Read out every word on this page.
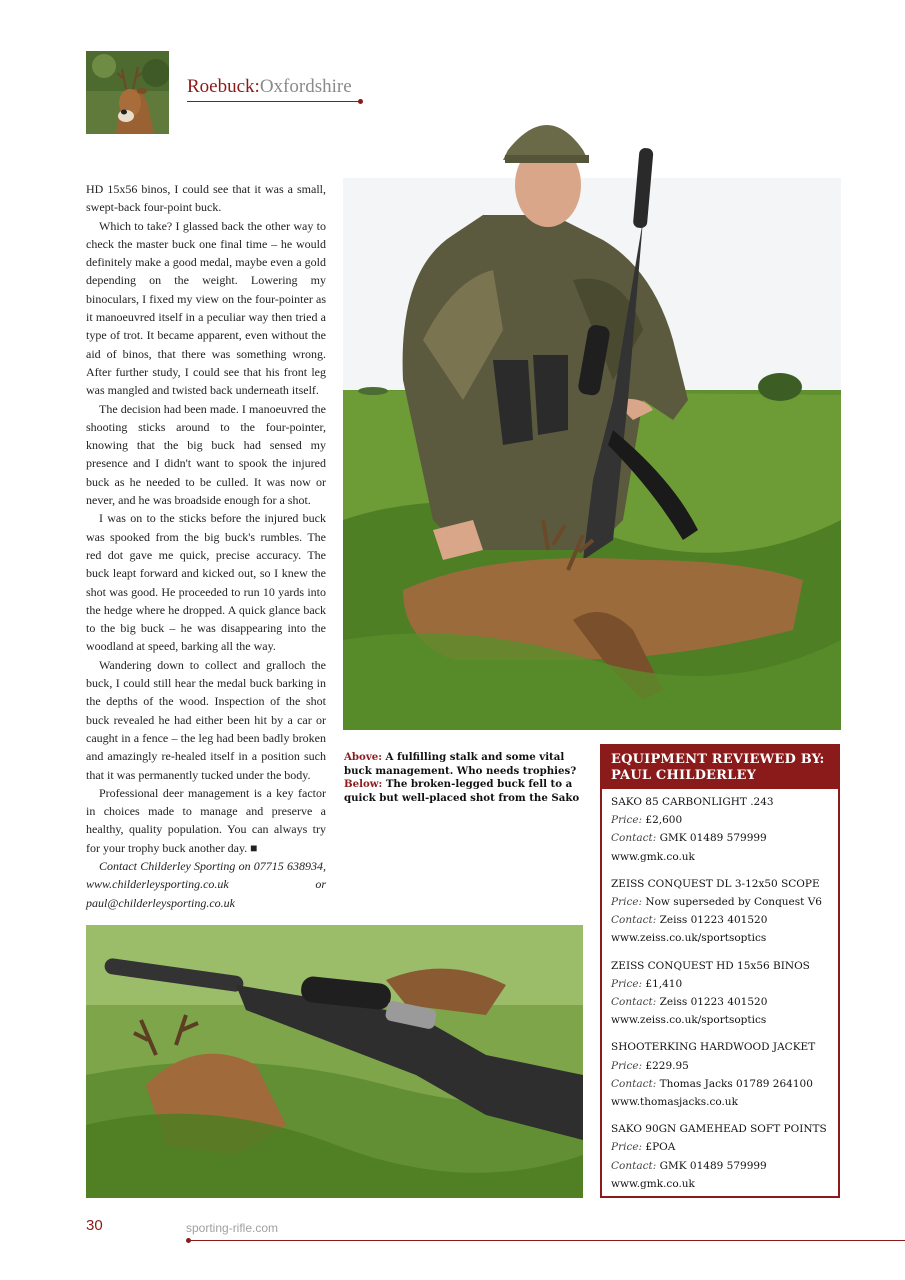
Roebuck:Oxfordshire

HD 15x56 binos, I could see that it was a small, swept-back four-point buck.

Which to take? I glassed back the other way to check the master buck one final time – he would definitely make a good medal, maybe even a gold depending on the weight. Lowering my binoculars, I fixed my view on the four-pointer as it manoeuvred itself in a peculiar way then tried a type of trot. It became apparent, even without the aid of binos, that there was something wrong. After further study, I could see that his front leg was mangled and twisted back underneath itself.

The decision had been made. I manoeuvred the shooting sticks around to the four-pointer, knowing that the big buck had sensed my presence and I didn't want to spook the injured buck as he needed to be culled. It was now or never, and he was broadside enough for a shot.

I was on to the sticks before the injured buck was spooked from the big buck's rumbles. The red dot gave me quick, precise accuracy. The buck leapt forward and kicked out, so I knew the shot was good. He proceeded to run 10 yards into the hedge where he dropped. A quick glance back to the big buck – he was disappearing into the woodland at speed, barking all the way.

Wandering down to collect and gralloch the buck, I could still hear the medal buck barking in the depths of the wood. Inspection of the shot buck revealed he had either been hit by a car or caught in a fence – the leg had been badly broken and amazingly re-healed itself in a position such that it was permanently tucked under the body.

Professional deer management is a key factor in choices made to manage and preserve a healthy, quality population. You can always try for your trophy buck another day. ■

Contact Childerley Sporting on 07715 638934, www.childerleysporting.co.uk or paul@childerleysporting.co.uk

Above: A fulfilling stalk and some vital buck management. Who needs trophies?
Below: The broken-legged buck fell to a quick but well-placed shot from the Sako
EQUIPMENT REVIEWED BY: PAUL CHILDERLEY
SAKO 85 CARBONLIGHT .243
Price: £2,600
Contact: GMK 01489 579999
www.gmk.co.uk
ZEISS CONQUEST DL 3-12x50 SCOPE
Price: Now superseded by Conquest V6
Contact: Zeiss 01223 401520
www.zeiss.co.uk/sportsoptics
ZEISS CONQUEST HD 15x56 BINOS
Price: £1,410
Contact: Zeiss 01223 401520
www.zeiss.co.uk/sportsoptics
SHOOTERKING HARDWOOD JACKET
Price: £229.95
Contact: Thomas Jacks 01789 264100
www.thomasjacks.co.uk
SAKO 90GN GAMEHEAD SOFT POINTS
Price: £POA
Contact: GMK 01489 579999
www.gmk.co.uk
30	sporting-rifle.com
